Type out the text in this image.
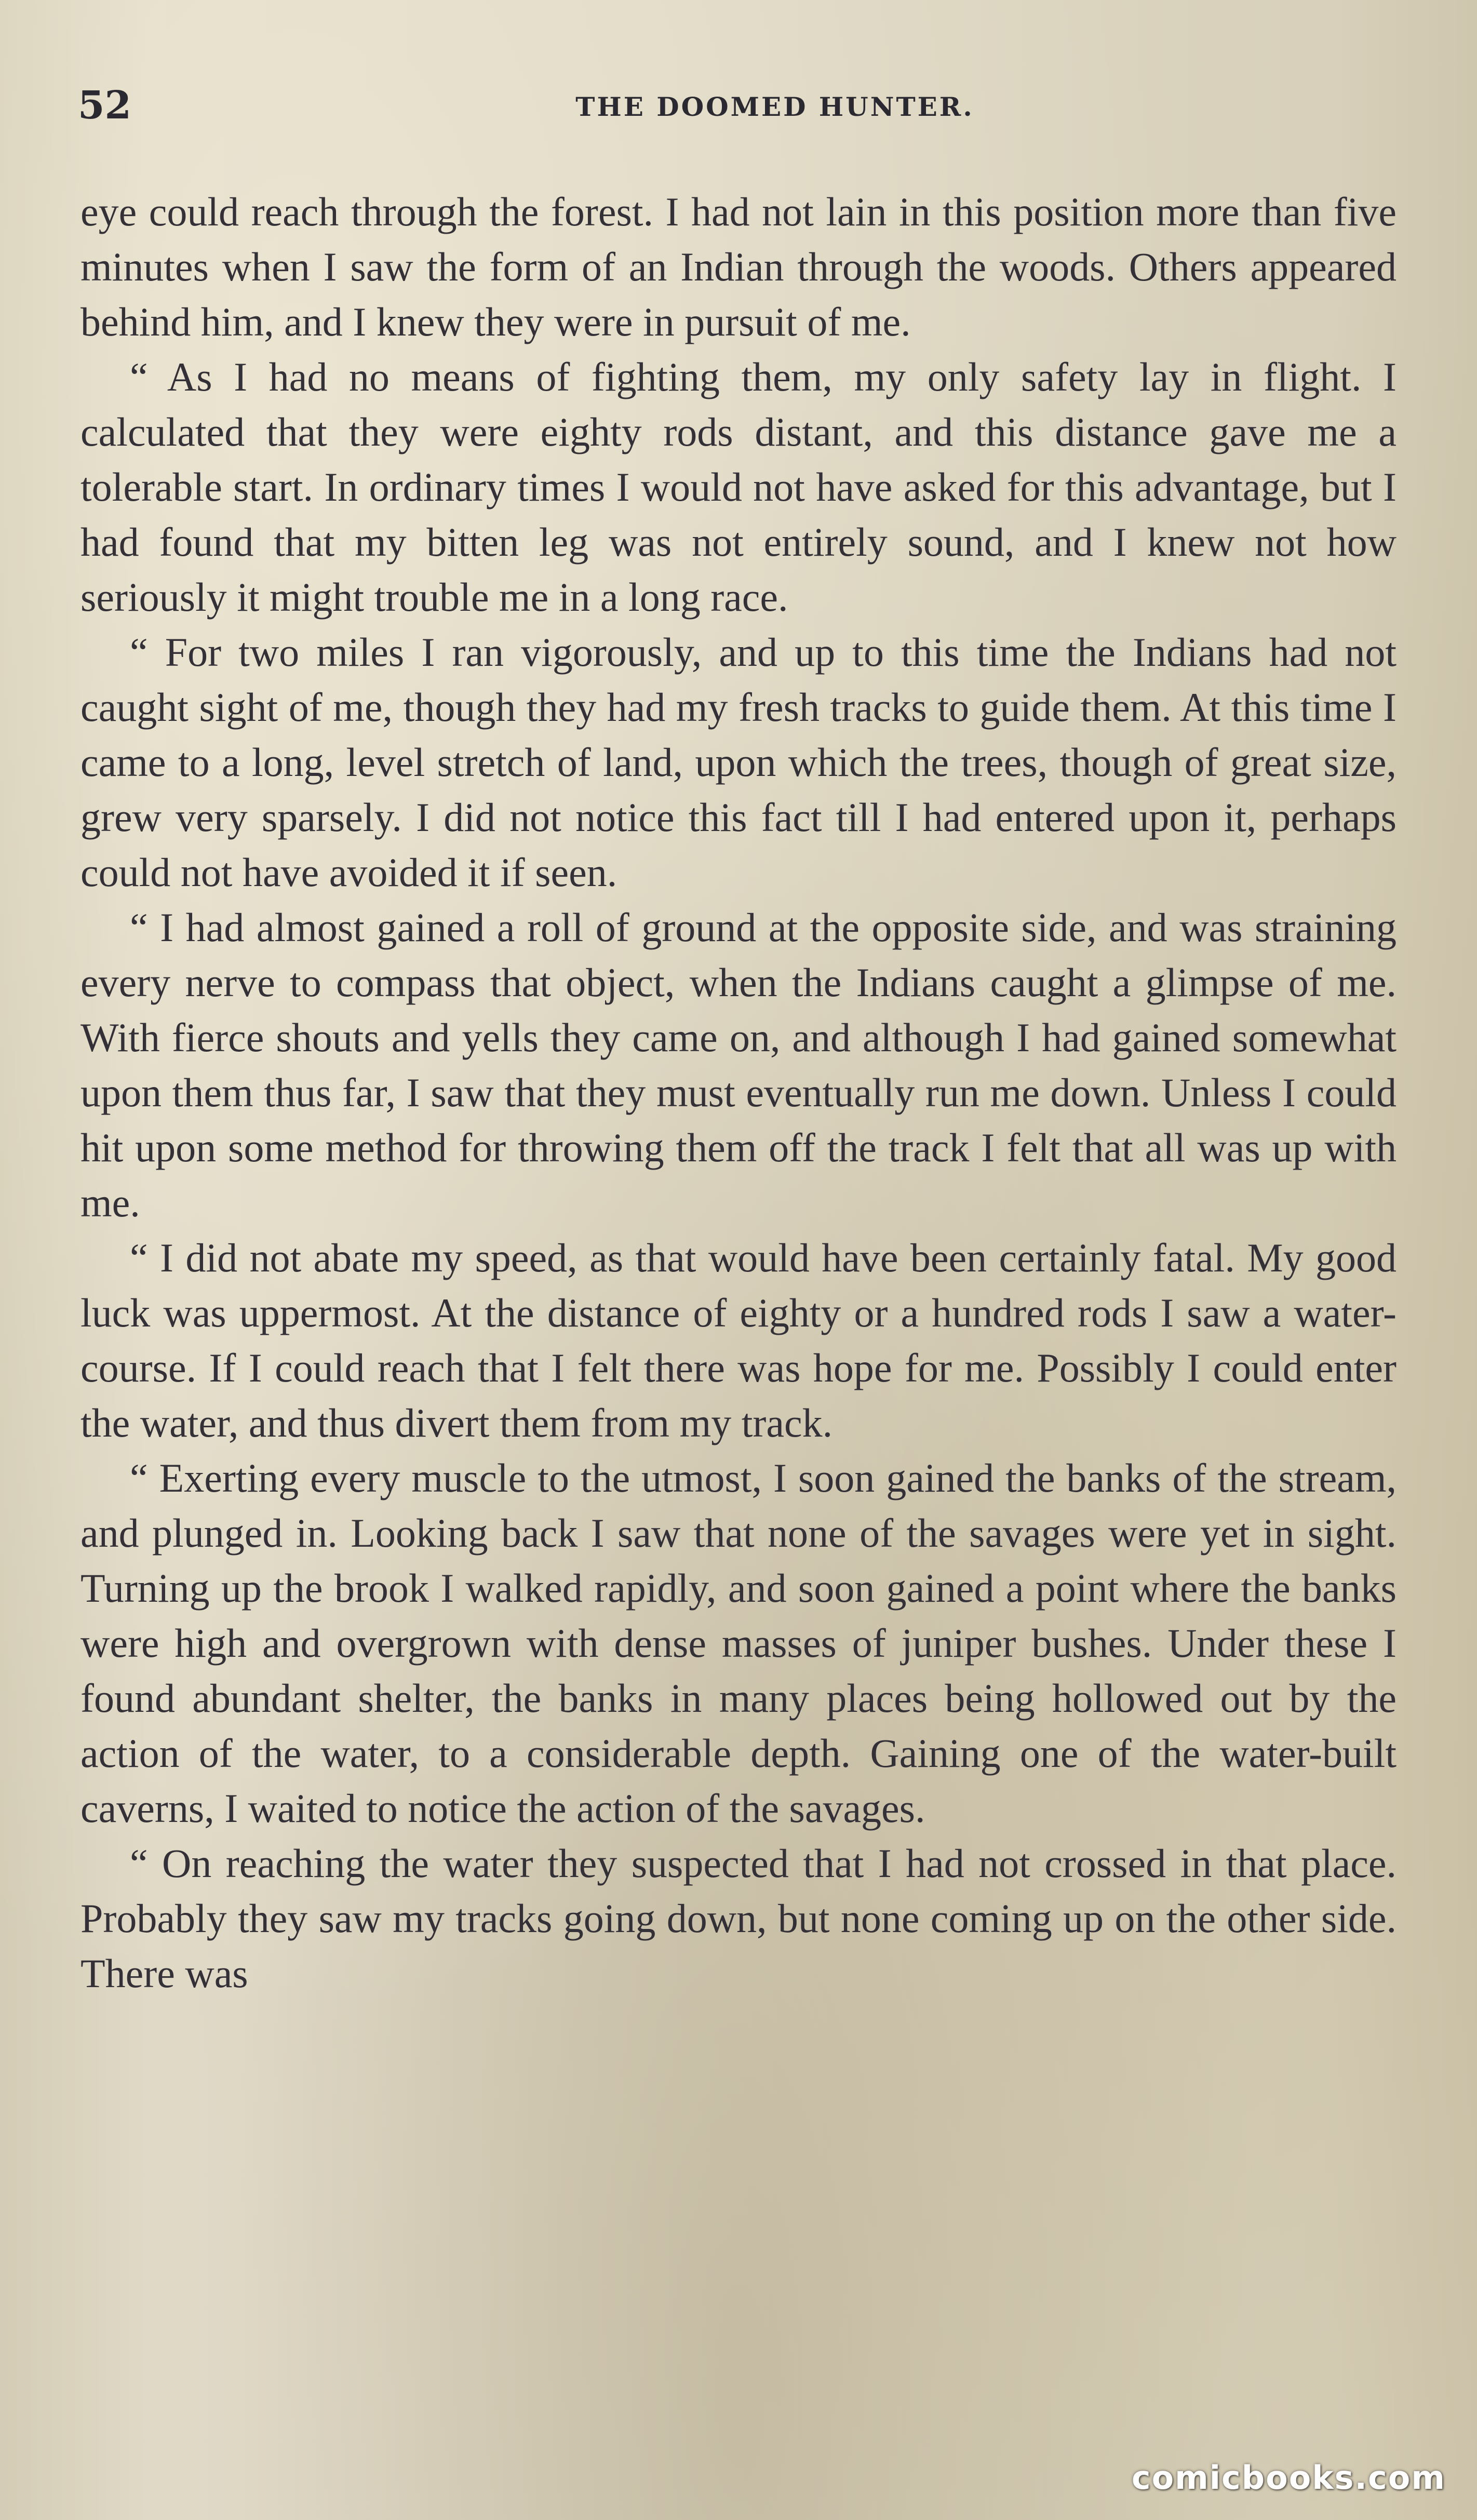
52	THE DOOMED HUNTER.

eye could reach through the forest. I had not lain in this position more than five minutes when I saw the form of an Indian through the woods. Others appeared behind him, and I knew they were in pursuit of me.

“ As I had no means of fighting them, my only safety lay in flight. I calculated that they were eighty rods distant, and this distance gave me a tolerable start. In ordinary times I would not have asked for this advantage, but I had found that my bitten leg was not entirely sound, and I knew not how seriously it might trouble me in a long race.

“ For two miles I ran vigorously, and up to this time the Indians had not caught sight of me, though they had my fresh tracks to guide them. At this time I came to a long, level stretch of land, upon which the trees, though of great size, grew very sparsely. I did not notice this fact till I had entered upon it, perhaps could not have avoided it if seen.

“ I had almost gained a roll of ground at the opposite side, and was straining every nerve to compass that object, when the Indians caught a glimpse of me. With fierce shouts and yells they came on, and although I had gained somewhat upon them thus far, I saw that they must eventually run me down. Unless I could hit upon some method for throwing them off the track I felt that all was up with me.

“ I did not abate my speed, as that would have been certainly fatal. My good luck was uppermost. At the distance of eighty or a hundred rods I saw a water-course. If I could reach that I felt there was hope for me. Possibly I could enter the water, and thus divert them from my track.

“ Exerting every muscle to the utmost, I soon gained the banks of the stream, and plunged in. Looking back I saw that none of the savages were yet in sight. Turning up the brook I walked rapidly, and soon gained a point where the banks were high and overgrown with dense masses of juniper bushes. Under these I found abundant shelter, the banks in many places being hollowed out by the action of the water, to a considerable depth. Gaining one of the water-built caverns, I waited to notice the action of the savages.

“ On reaching the water they suspected that I had not crossed in that place. Probably they saw my tracks going down, but none coming up on the other side. There was

comicbooks.com
